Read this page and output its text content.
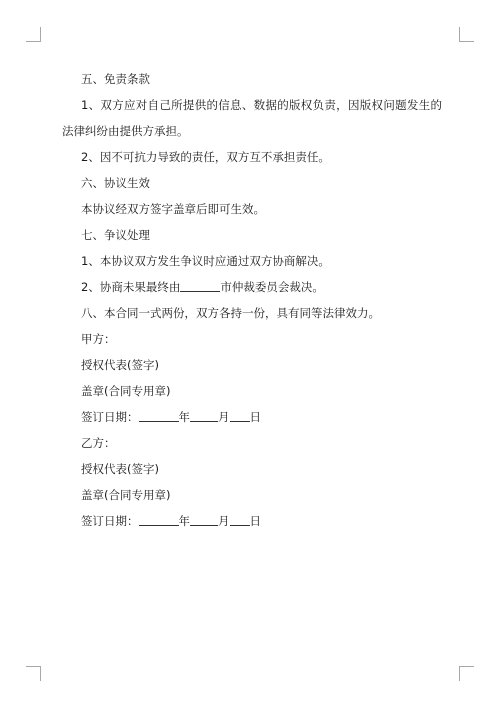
五、免责条款

1、双方应对自己所提供的信息、数据的版权负责，因版权问题发生的法律纠纷由提供方承担。

2、因不可抗力导致的责任，双方互不承担责任。

六、协议生效

本协议经双方签字盖章后即可生效。

七、争议处理

1、本协议双方发生争议时应通过双方协商解决。

2、协商未果最终由	市仲裁委员会裁决。

八、本合同一式两份，双方各持一份，具有同等法律效力。

甲方：

授权代表(签字)

盖章(合同专用章)

签订日期：	年 月 日

乙方：

授权代表(签字)

盖章(合同专用章)

签订日期：	年 月 日
